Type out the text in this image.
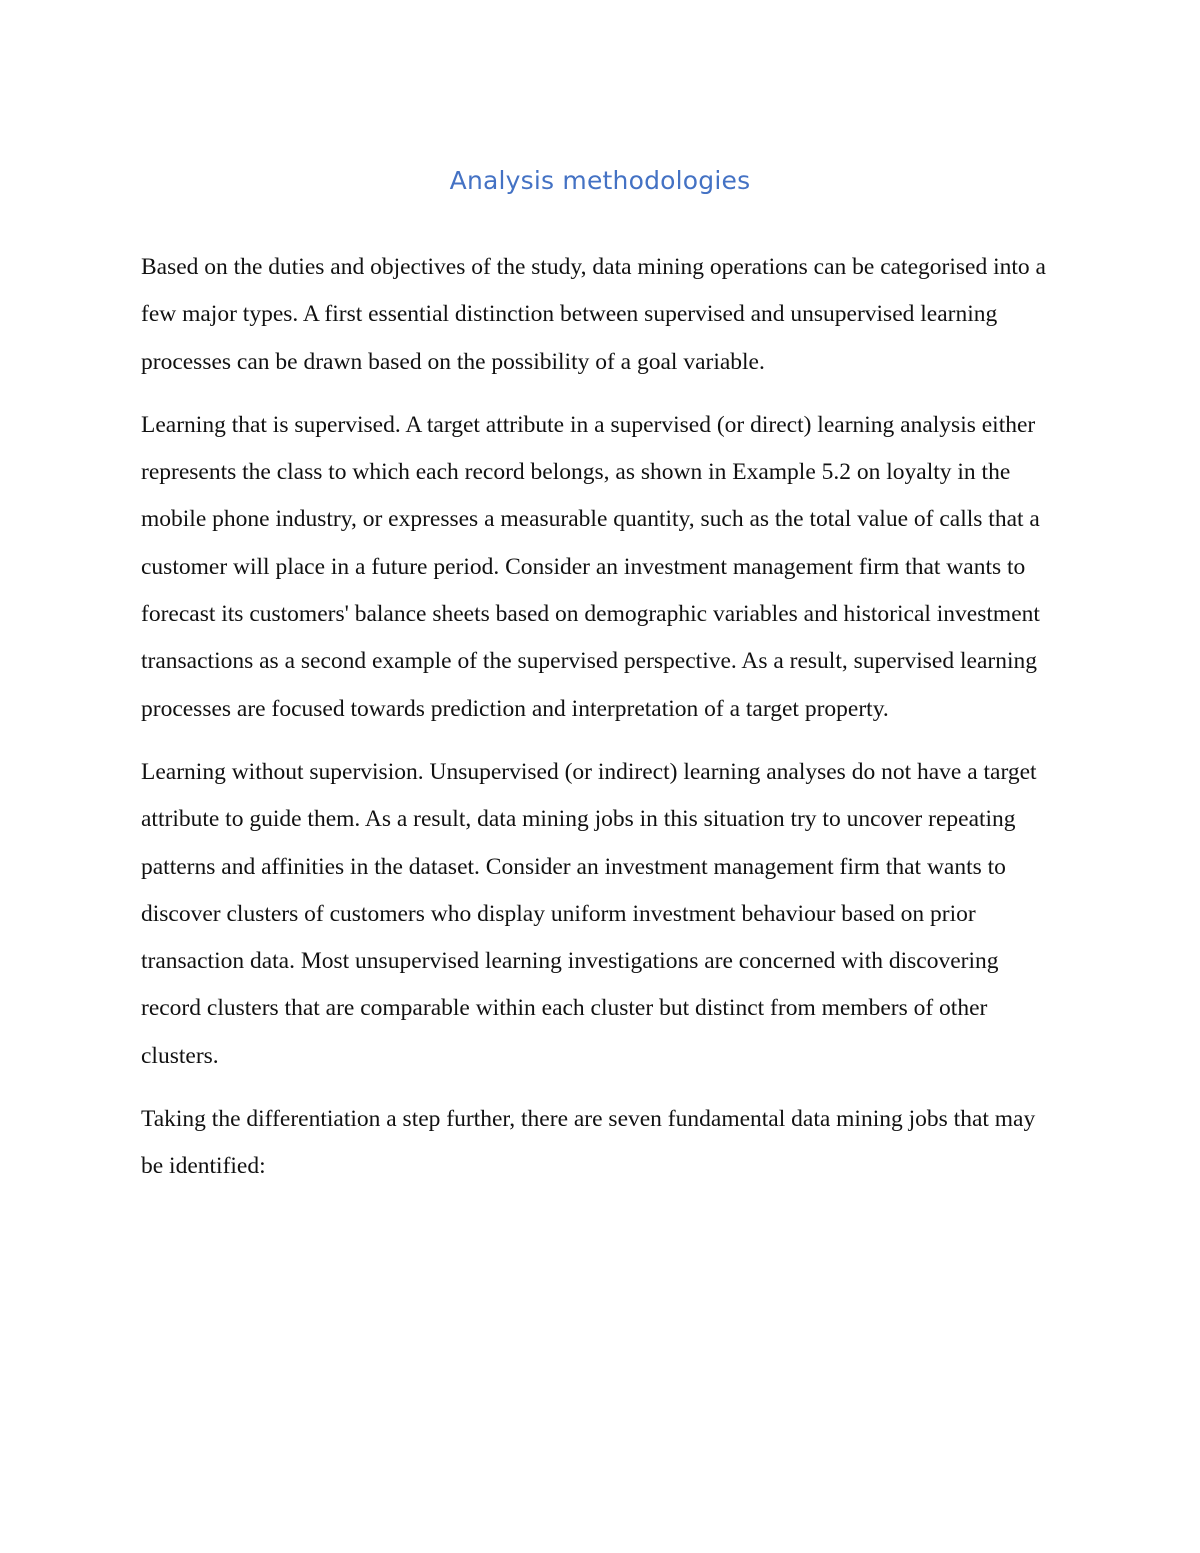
Analysis methodologies

Based on the duties and objectives of the study, data mining operations can be categorised into a few major types. A first essential distinction between supervised and unsupervised learning processes can be drawn based on the possibility of a goal variable.

Learning that is supervised. A target attribute in a supervised (or direct) learning analysis either represents the class to which each record belongs, as shown in Example 5.2 on loyalty in the mobile phone industry, or expresses a measurable quantity, such as the total value of calls that a customer will place in a future period. Consider an investment management firm that wants to forecast its customers' balance sheets based on demographic variables and historical investment transactions as a second example of the supervised perspective. As a result, supervised learning processes are focused towards prediction and interpretation of a target property.

Learning without supervision. Unsupervised (or indirect) learning analyses do not have a target attribute to guide them. As a result, data mining jobs in this situation try to uncover repeating patterns and affinities in the dataset. Consider an investment management firm that wants to discover clusters of customers who display uniform investment behaviour based on prior transaction data. Most unsupervised learning investigations are concerned with discovering record clusters that are comparable within each cluster but distinct from members of other clusters.

Taking the differentiation a step further, there are seven fundamental data mining jobs that may be identified:
